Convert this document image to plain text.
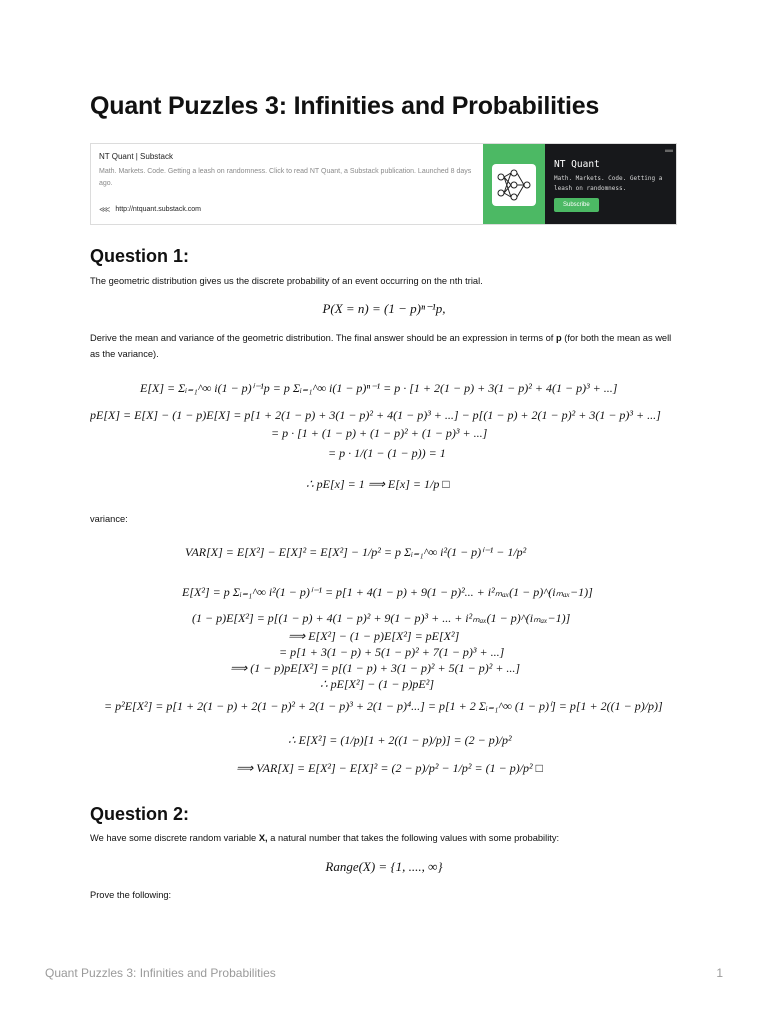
Quant Puzzles 3: Infinities and Probabilities
NT Quant | Substack
Math. Markets. Code. Getting a leash on randomness. Click to read NT Quant, a Substack publication. Launched 8 days ago.
⋘ http://ntquant.substack.com
NT Quant
Math. Markets. Code. Getting a leash on randomness.
Subscribe
▬
Question 1:

The geometric distribution gives us the discrete probability of an event occurring on the nth trial.

P(X = n) = (1 − p)ⁿ⁻¹p,

Derive the mean and variance of the geometric distribution. The final answer should be an expression in terms of p (for both the mean as well as the variance).

E[X] = Σᵢ₌₁^∞ i(1 − p)ⁱ⁻¹p = p Σᵢ₌₁^∞ i(1 − p)ⁿ⁻¹ = p · [1 + 2(1 − p) + 3(1 − p)² + 4(1 − p)³ + ...]
pE[X] = E[X] − (1 − p)E[X] = p[1 + 2(1 − p) + 3(1 − p)² + 4(1 − p)³ + ...] − p[(1 − p) + 2(1 − p)² + 3(1 − p)³ + ...]
= p · [1 + (1 − p) + (1 − p)² + (1 − p)³ + ...]
= p · 1/(1 − (1 − p)) = 1
∴ pE[x] = 1 ⟹ E[x] = 1/p □

variance:

VAR[X] = E[X²] − E[X]² = E[X²] − 1/p² = p Σᵢ₌₁^∞ i²(1 − p)ⁱ⁻¹ − 1/p²
E[X²] = p Σᵢ₌₁^∞ i²(1 − p)ⁱ⁻¹ = p[1 + 4(1 − p) + 9(1 − p)²... + i²ₘₐₓ(1 − p)^(iₘₐₓ−1)]
(1 − p)E[X²] = p[(1 − p) + 4(1 − p)² + 9(1 − p)³ + ... + i²ₘₐₓ(1 − p)^(iₘₐₓ−1)]
⟹ E[X²] − (1 − p)E[X²] = pE[X²]
= p[1 + 3(1 − p) + 5(1 − p)² + 7(1 − p)³ + ...]
⟹ (1 − p)pE[X²] = p[(1 − p) + 3(1 − p)² + 5(1 − p)² + ...]
∴ pE[X²] − (1 − p)pE²]
= p²E[X²] = p[1 + 2(1 − p) + 2(1 − p)² + 2(1 − p)³ + 2(1 − p)⁴...] = p[1 + 2 Σᵢ₌₁^∞ (1 − p)ⁱ] = p[1 + 2((1 − p)/p)]
∴ E[X²] = (1/p)[1 + 2((1 − p)/p)] = (2 − p)/p²
⟹ VAR[X] = E[X²] − E[X]² = (2 − p)/p² − 1/p² = (1 − p)/p² □
Question 2:

We have some discrete random variable X, a natural number that takes the following values with some probability:

Range(X) = {1, ...., ∞}

Prove the following:

Quant Puzzles 3: Infinities and Probabilities	1
